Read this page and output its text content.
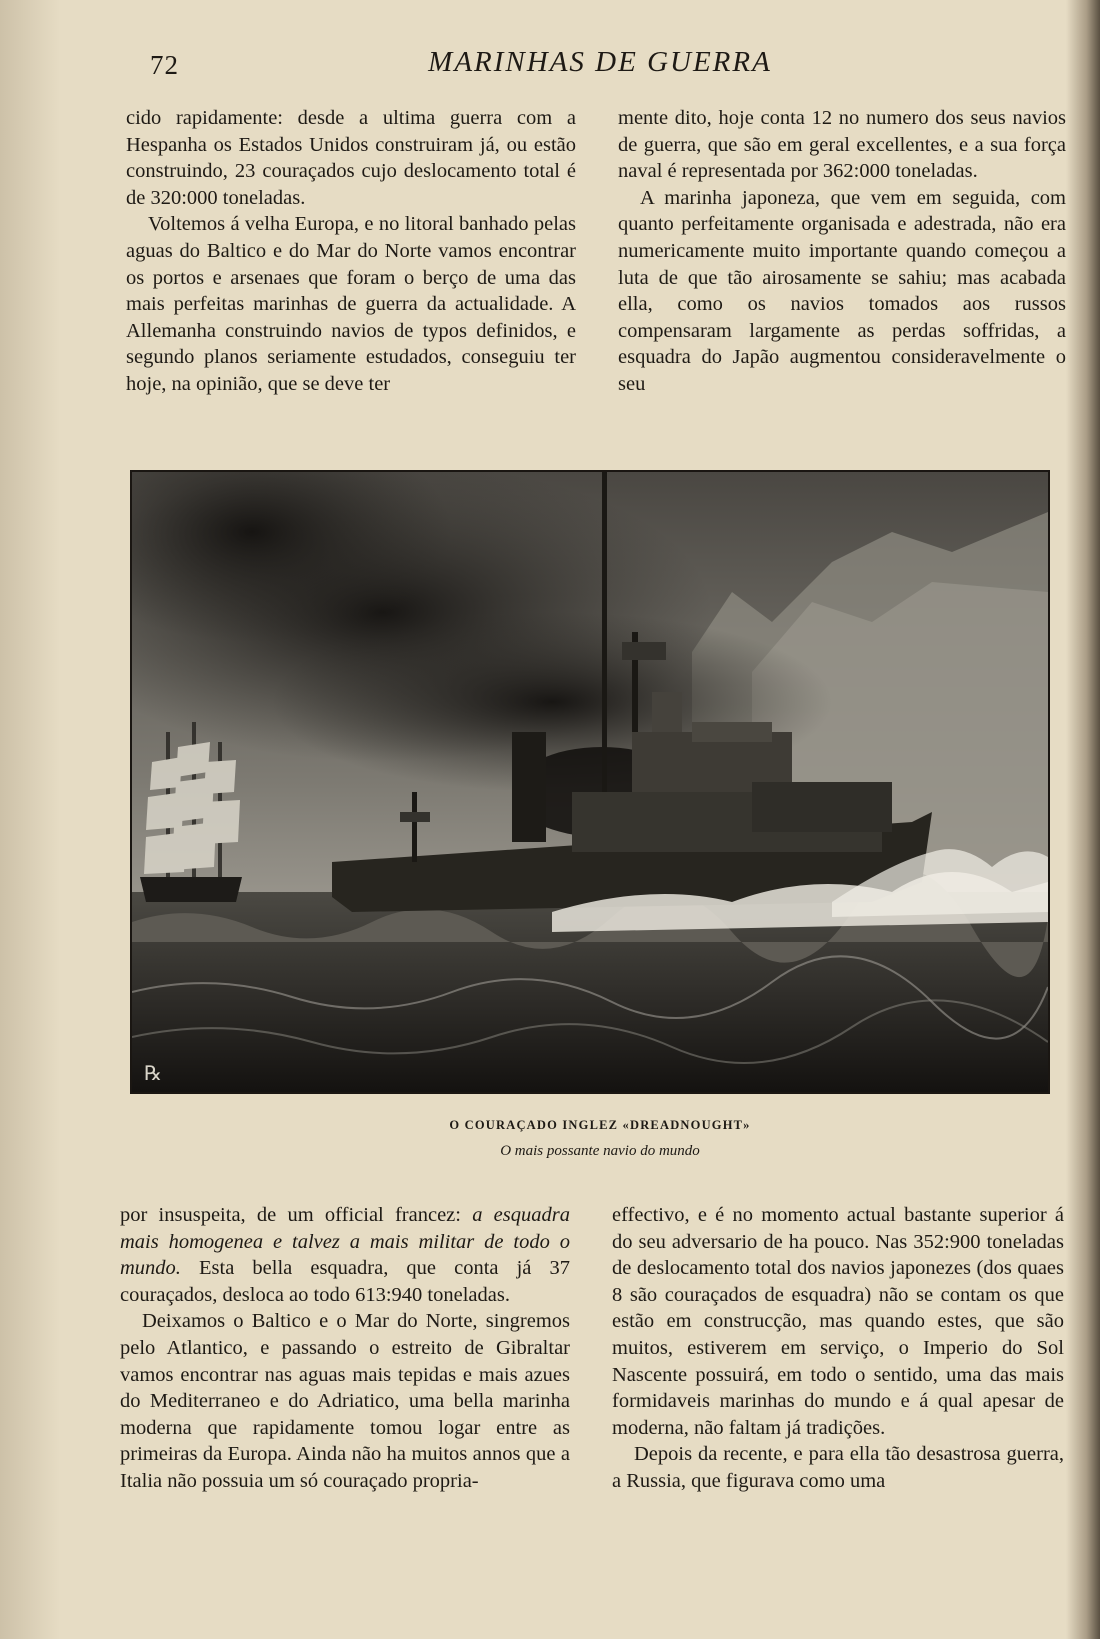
72	MARINHAS DE GUERRA

cido rapidamente: desde a ultima guerra com a Hespanha os Estados Unidos construiram já, ou estão construindo, 23 couraçados cujo deslocamento total é de 320:000 toneladas.

Voltemos á velha Europa, e no litoral banhado pelas aguas do Baltico e do Mar do Norte vamos encontrar os portos e arsenaes que foram o berço de uma das mais perfeitas marinhas de guerra da actualidade. A Allemanha construindo navios de typos definidos, e segundo planos seriamente estudados, conseguiu ter hoje, na opinião, que se deve ter

mente dito, hoje conta 12 no numero dos seus navios de guerra, que são em geral excellentes, e a sua força naval é representada por 362:000 toneladas.

A marinha japoneza, que vem em seguida, com quanto perfeitamente organisada e adestrada, não era numericamente muito importante quando começou a luta de que tão airosamente se sahiu; mas acabada ella, como os navios tomados aos russos compensaram largamente as perdas soffridas, a esquadra do Japão augmentou consideravelmente o seu

℞
O COURAÇADO INGLEZ «DREADNOUGHT»
O mais possante navio do mundo

por insuspeita, de um official francez: a esquadra mais homogenea e talvez a mais militar de todo o mundo. Esta bella esquadra, que conta já 37 couraçados, desloca ao todo 613:940 toneladas.

Deixamos o Baltico e o Mar do Norte, singremos pelo Atlantico, e passando o estreito de Gibraltar vamos encontrar nas aguas mais tepidas e mais azues do Mediterraneo e do Adriatico, uma bella marinha moderna que rapidamente tomou logar entre as primeiras da Europa. Ainda não ha muitos annos que a Italia não possuia um só couraçado propria-

effectivo, e é no momento actual bastante superior á do seu adversario de ha pouco. Nas 352:900 toneladas de deslocamento total dos navios japonezes (dos quaes 8 são couraçados de esquadra) não se contam os que estão em construcção, mas quando estes, que são muitos, estiverem em serviço, o Imperio do Sol Nascente possuirá, em todo o sentido, uma das mais formidaveis marinhas do mundo e á qual apesar de moderna, não faltam já tradições.

Depois da recente, e para ella tão desastrosa guerra, a Russia, que figurava como uma
